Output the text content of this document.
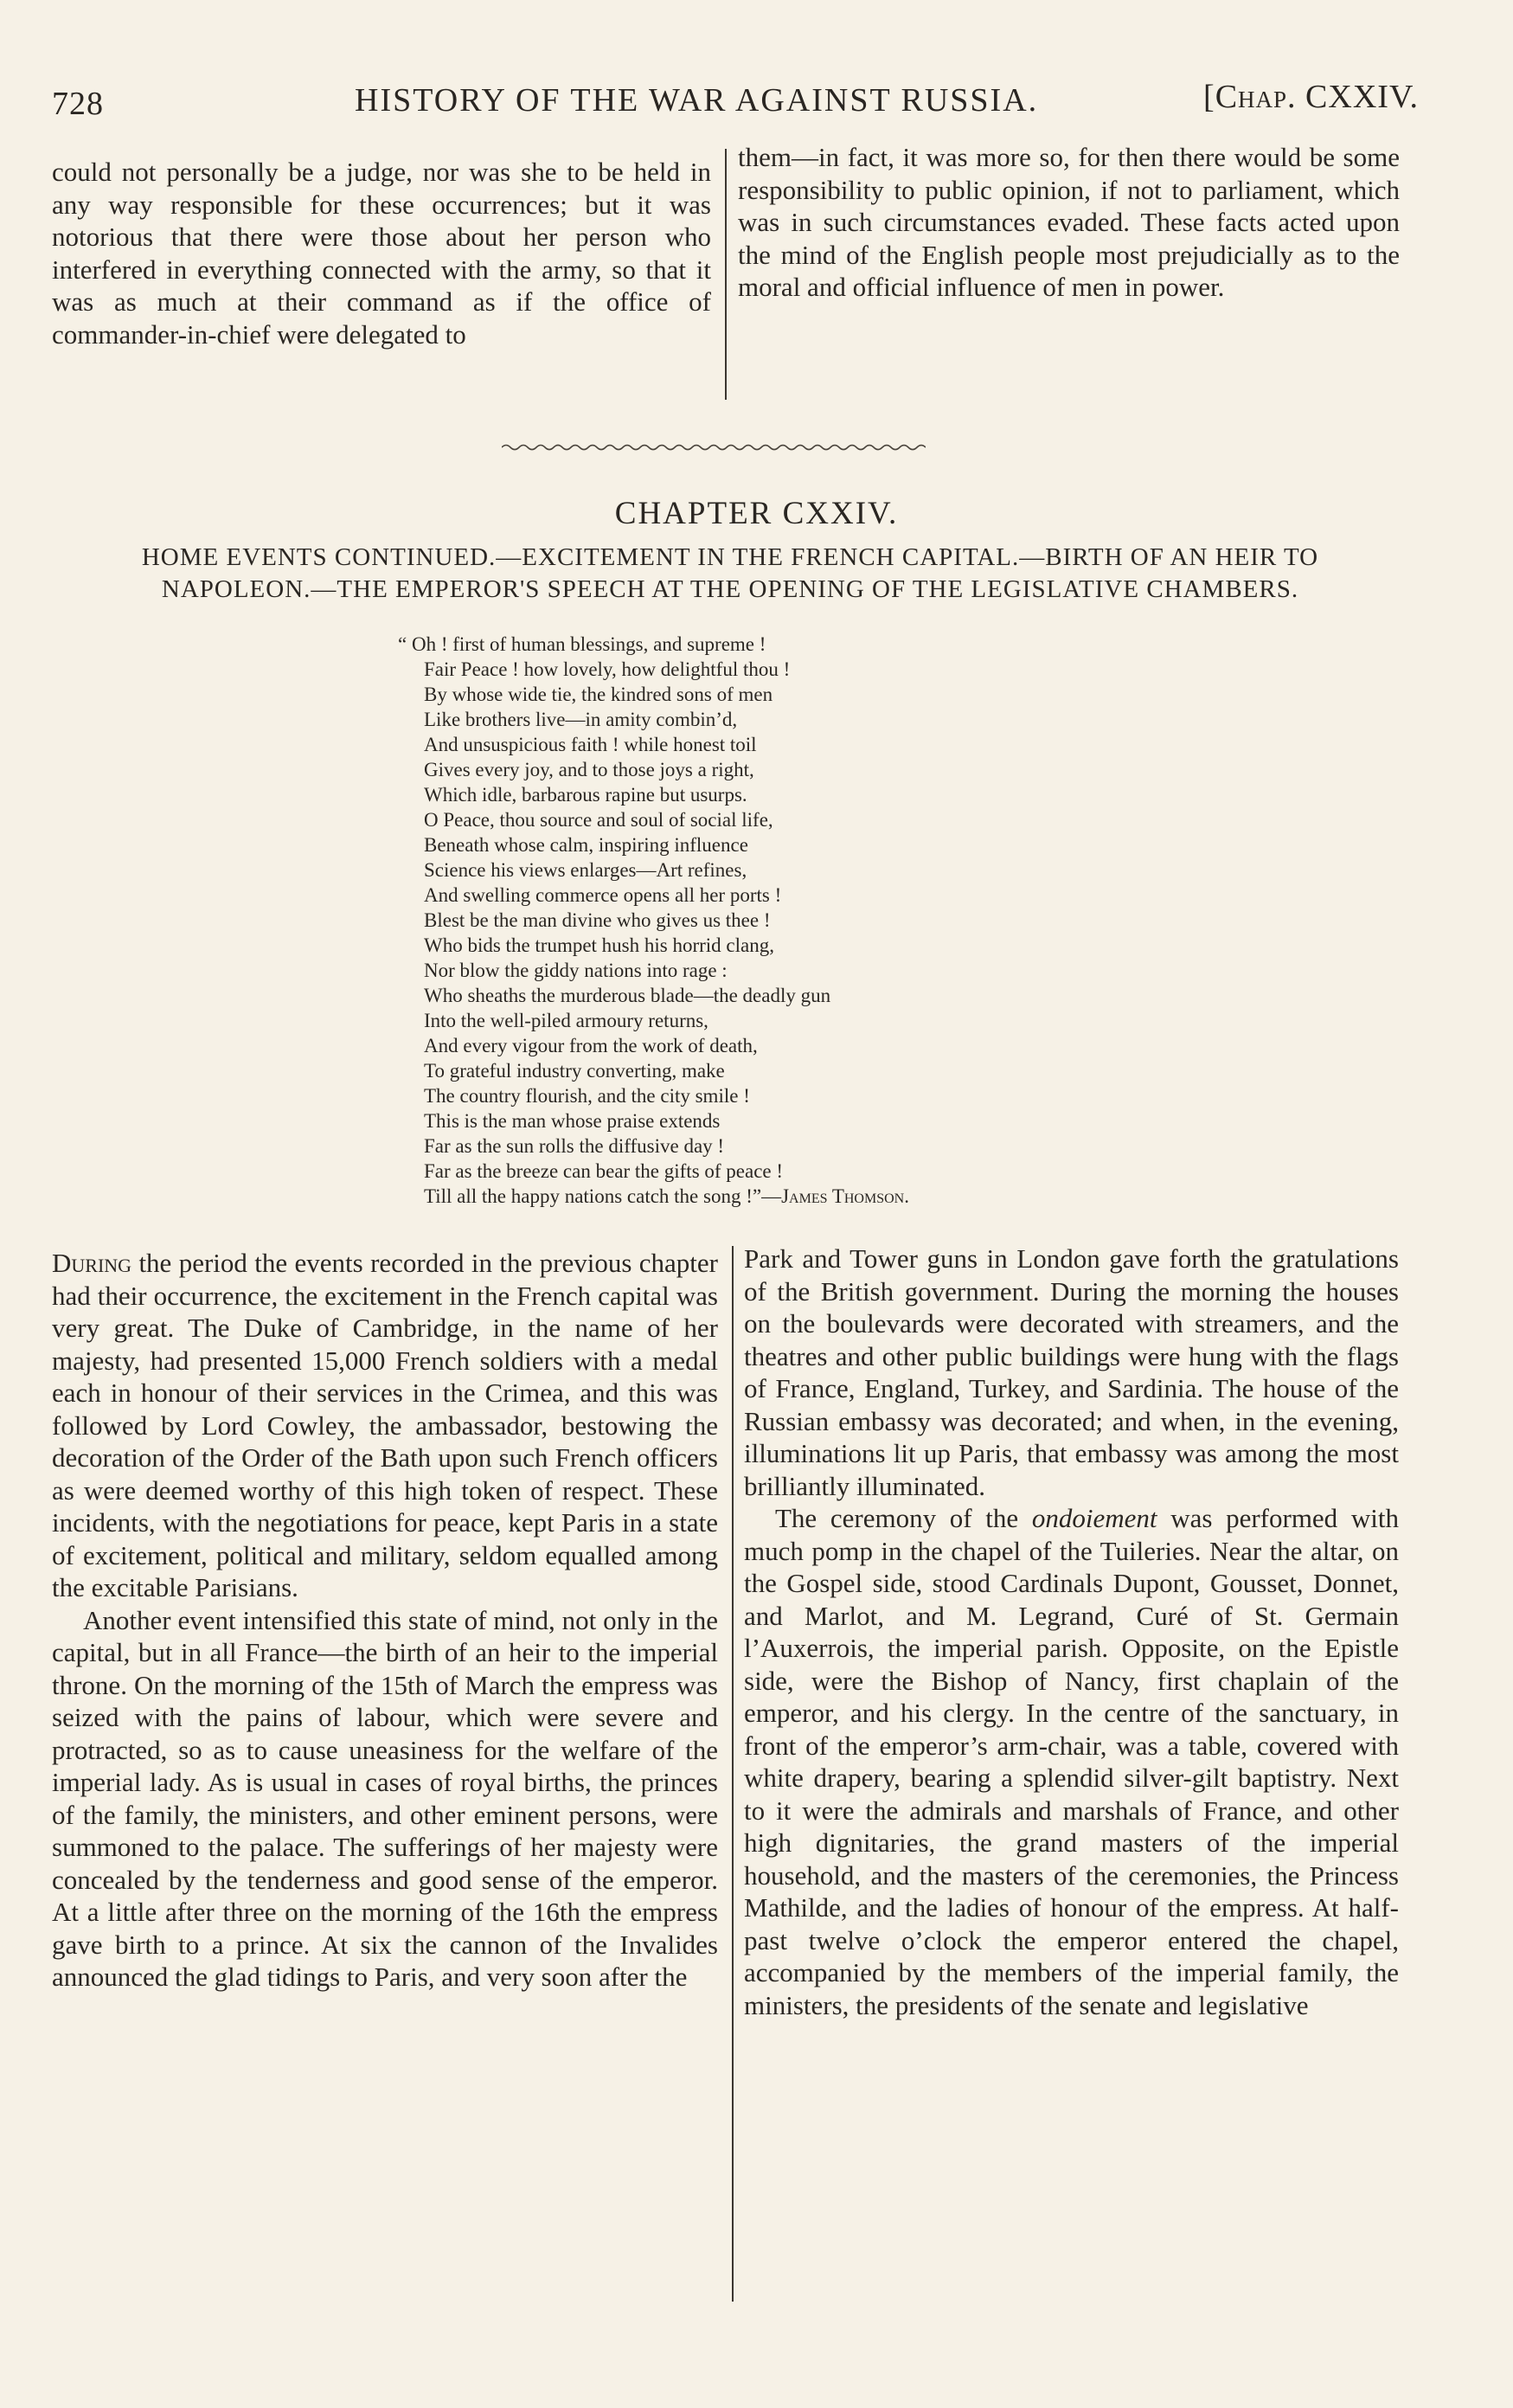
728	HISTORY OF THE WAR AGAINST RUSSIA.	[Chap. CXXIV.

could not personally be a judge, nor was she to be held in any way responsible for these occurrences; but it was notorious that there were those about her person who interfered in everything connected with the army, so that it was as much at their command as if the office of commander-in-chief were delegated to

them—in fact, it was more so, for then there would be some responsibility to public opinion, if not to parliament, which was in such circumstances evaded. These facts acted upon the mind of the English people most prejudicially as to the moral and official influence of men in power.

CHAPTER CXXIV.
HOME EVENTS CONTINUED.—EXCITEMENT IN THE FRENCH CAPITAL.—BIRTH OF AN HEIR TO
NAPOLEON.—THE EMPEROR'S SPEECH AT THE OPENING OF THE LEGISLATIVE CHAMBERS.
“ Oh ! first of human blessings, and supreme !
Fair Peace ! how lovely, how delightful thou !
By whose wide tie, the kindred sons of men
Like brothers live—in amity combin’d,
And unsuspicious faith ! while honest toil
Gives every joy, and to those joys a right,
Which idle, barbarous rapine but usurps.
O Peace, thou source and soul of social life,
Beneath whose calm, inspiring influence
Science his views enlarges—Art refines,
And swelling commerce opens all her ports !
Blest be the man divine who gives us thee !
Who bids the trumpet hush his horrid clang,
Nor blow the giddy nations into rage :
Who sheaths the murderous blade—the deadly gun
Into the well-piled armoury returns,
And every vigour from the work of death,
To grateful industry converting, make
The country flourish, and the city smile !
This is the man whose praise extends
Far as the sun rolls the diffusive day !
Far as the breeze can bear the gifts of peace !
Till all the happy nations catch the song !”—James Thomson.

During the period the events recorded in the previous chapter had their occurrence, the excitement in the French capital was very great. The Duke of Cambridge, in the name of her majesty, had presented 15,000 French soldiers with a medal each in honour of their services in the Crimea, and this was followed by Lord Cowley, the ambassador, bestowing the decoration of the Order of the Bath upon such French officers as were deemed worthy of this high token of respect. These incidents, with the negotiations for peace, kept Paris in a state of excitement, political and military, seldom equalled among the excitable Parisians.

Another event intensified this state of mind, not only in the capital, but in all France—the birth of an heir to the imperial throne. On the morning of the 15th of March the empress was seized with the pains of labour, which were severe and protracted, so as to cause uneasiness for the welfare of the imperial lady. As is usual in cases of royal births, the princes of the family, the ministers, and other eminent persons, were summoned to the palace. The sufferings of her majesty were concealed by the tenderness and good sense of the emperor. At a little after three on the morning of the 16th the empress gave birth to a prince. At six the cannon of the Invalides announced the glad tidings to Paris, and very soon after the

Park and Tower guns in London gave forth the gratulations of the British government. During the morning the houses on the boulevards were decorated with streamers, and the theatres and other public buildings were hung with the flags of France, England, Turkey, and Sardinia. The house of the Russian embassy was decorated; and when, in the evening, illuminations lit up Paris, that embassy was among the most brilliantly illuminated.

The ceremony of the ondoiement was performed with much pomp in the chapel of the Tuileries. Near the altar, on the Gospel side, stood Cardinals Dupont, Gousset, Donnet, and Marlot, and M. Legrand, Curé of St. Germain l’Auxerrois, the imperial parish. Opposite, on the Epistle side, were the Bishop of Nancy, first chaplain of the emperor, and his clergy. In the centre of the sanctuary, in front of the emperor’s arm-chair, was a table, covered with white drapery, bearing a splendid silver-gilt baptistry. Next to it were the admirals and marshals of France, and other high dignitaries, the grand masters of the imperial household, and the masters of the ceremonies, the Princess Mathilde, and the ladies of honour of the empress. At half-past twelve o’clock the emperor entered the chapel, accompanied by the members of the imperial family, the ministers, the presidents of the senate and legislative
